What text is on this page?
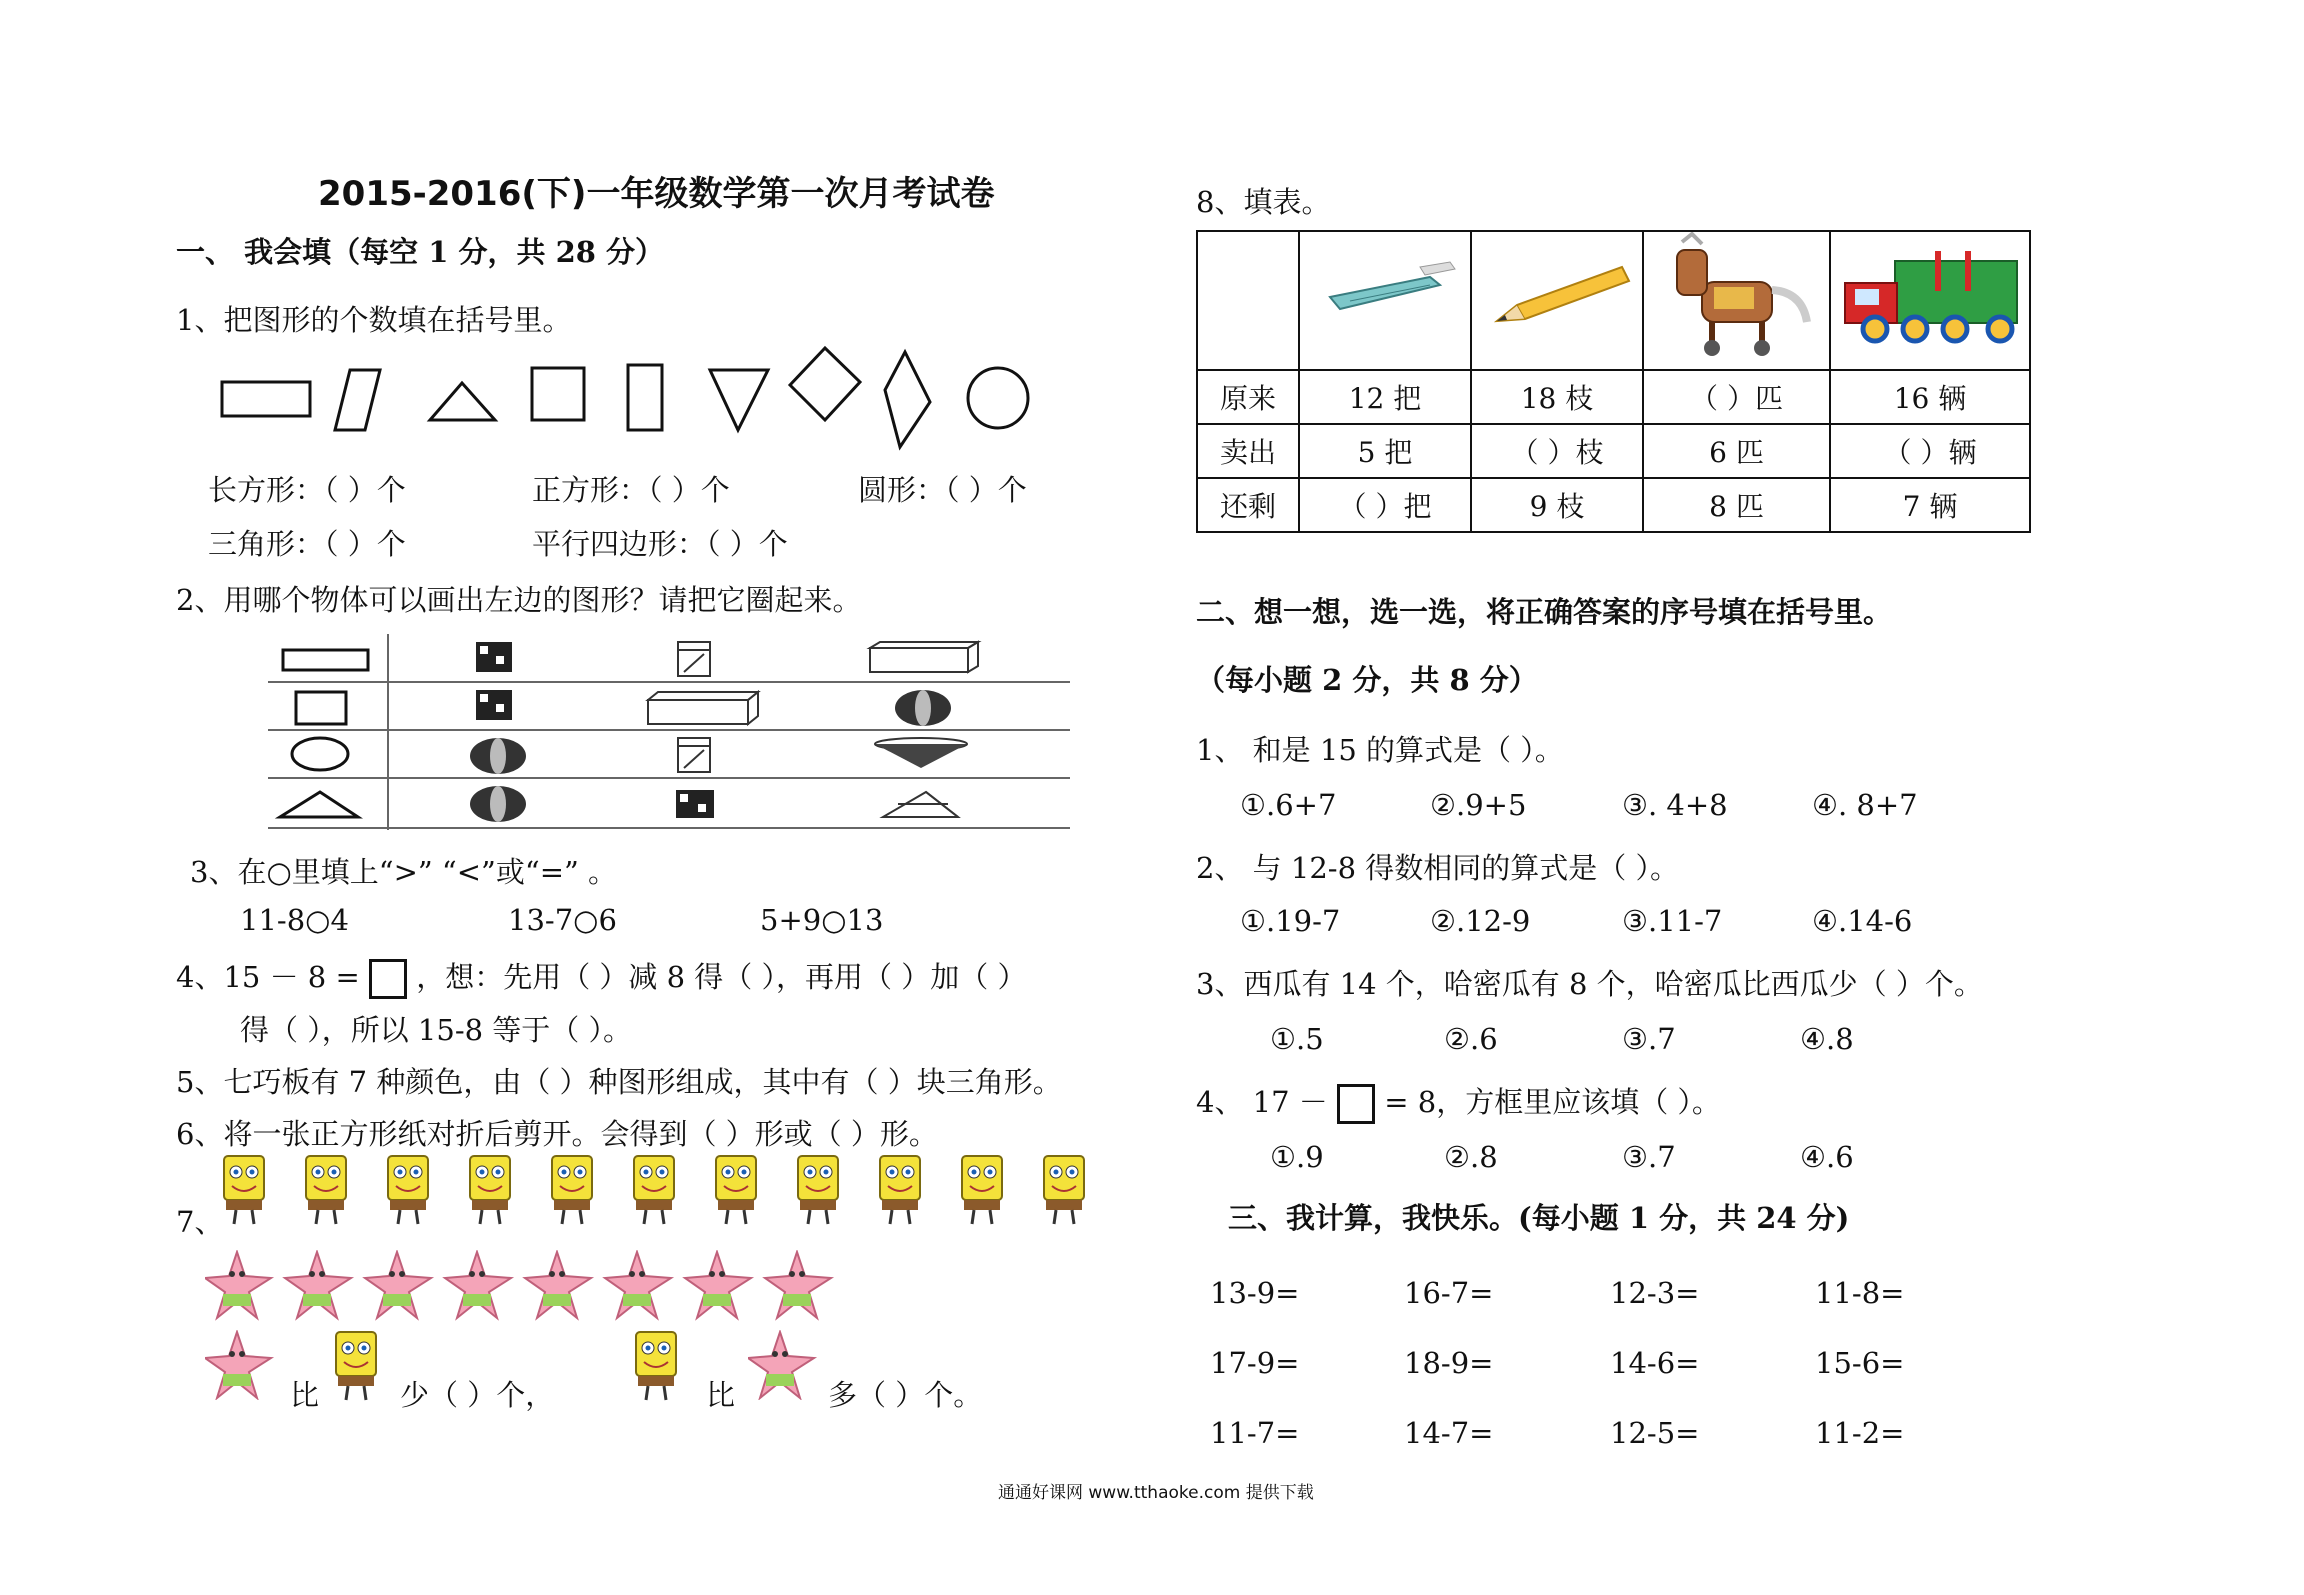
2015-2016(下)一年级数学第一次月考试卷
一、 我会填（每空 1 分，共 28 分）
1、把图形的个数填在括号里。
长方形：（ ）个	正方形：（ ）个	圆形：（ ）个
三角形：（ ）个	平行四边形：（ ）个
2、用哪个物体可以画出左边的图形？请把它圈起来。
3、在○里填上“>” “<”或“=” 。
11-8○4	13-7○6	5+9○13
4、15 － 8 = ，想：先用（ ）减 8 得（ ），再用（ ）加（ ）
得（ ），所以 15-8 等于（ ）。
5、七巧板有 7 种颜色，由（ ）种图形组成，其中有（ ）块三角形。
6、将一张正方形纸对折后剪开。会得到（ ）形或（ ）形。
7、
比	少（ ）个，	比	多（ ）个。
8、填表。

原来	12 把	18 枝	（ ）匹	16 辆
卖出	5 把	（ ）枝	6 匹	（ ）辆
还剩	（ ）把	9 枝	8 匹	7 辆
二、想一想，选一选，将正确答案的序号填在括号里。
（每小题 2 分，共 8 分）
1、 和是 15 的算式是（ ）。
①.6+7	②.9+5	③. 4+8	④. 8+7
2、 与 12-8 得数相同的算式是（ ）。
①.19-7	②.12-9	③.11-7	④.14-6
3、西瓜有 14 个，哈密瓜有 8 个，哈密瓜比西瓜少（ ）个。
①.5	②.6	③.7	④.8
4、 17 － = 8，方框里应该填（ ）。
①.9	②.8	③.7	④.6
三、我计算，我快乐。(每小题 1 分，共 24 分)
13-9=	16-7=	12-3=	11-8=
17-9=	18-9=	14-6=	15-6=
11-7=	14-7=	12-5=	11-2=
通通好课网 www.tthaoke.com 提供下载
